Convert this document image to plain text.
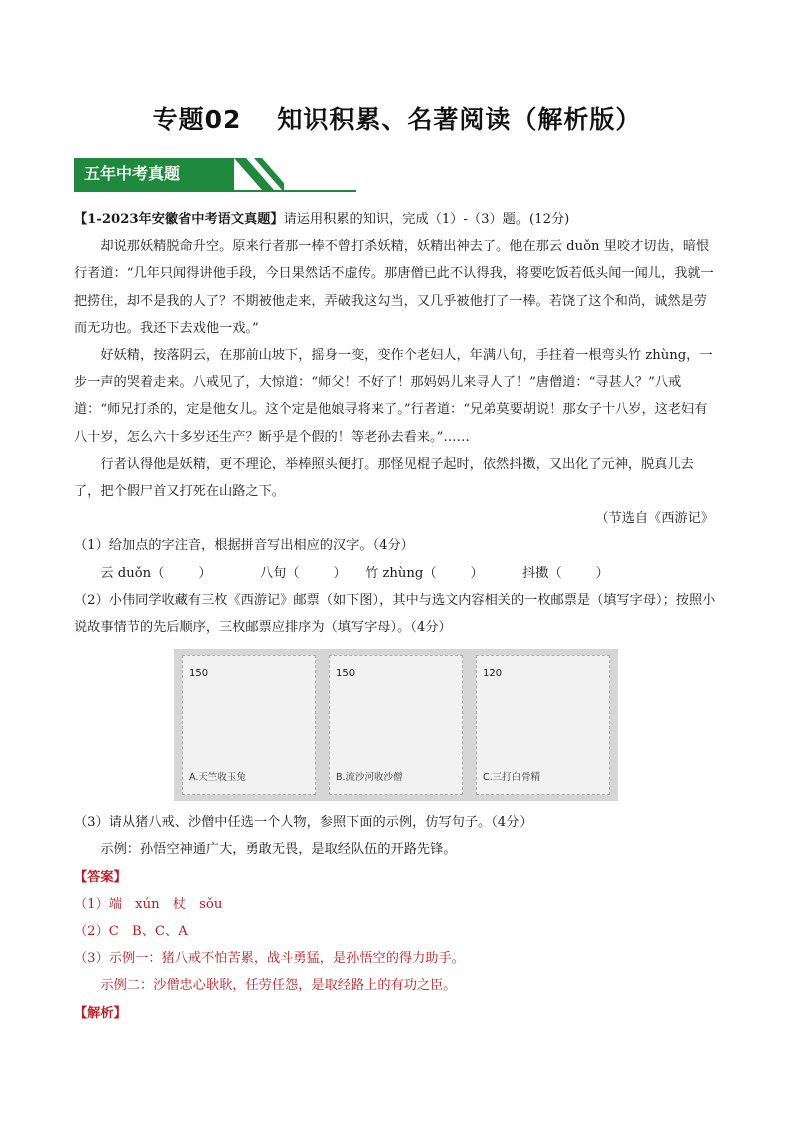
专题02 知识积累、名著阅读（解析版）
五年中考真题

【1-2023年安徽省中考语文真题】请运用积累的知识，完成（1）-（3）题。(12分)

却说那妖精脱命升空。原来行者那一棒不曾打杀妖精，妖精出神去了。他在那云 duǒn 里咬才切齿，暗恨行者道：“几年只闻得讲他手段，今日果然话不虚传。那唐僧已此不认得我，将要吃饭若低头闻一闻儿，我就一把捞住，却不是我的人了？不期被他走来，弄破我这勾当，又几乎被他打了一棒。若饶了这个和尚，诚然是劳而无功也。我还下去戏他一戏。”

好妖精，按落阴云，在那前山坡下，摇身一变，变作个老妇人，年满八旬，手拄着一根弯头竹 zhùng，一步一声的哭着走来。八戒见了，大惊道：“师父！不好了！那妈妈儿来寻人了！”唐僧道：“寻甚人？”八戒道：“师兄打杀的，定是他女儿。这个定是他娘寻将来了。”行者道：“兄弟莫要胡说！那女子十八岁，这老妇有八十岁，怎么六十多岁还生产？断乎是个假的！等老孙去看来。”……

行者认得他是妖精，更不理论，举棒照头便打。那怪见棍子起时，依然抖擞，又出化了元神，脱真儿去了，把个假尸首又打死在山路之下。

（节选自《西游记》

（1）给加点的字注音，根据拼音写出相应的汉字。（4分）

云 duǒn（	）	八旬（	） 竹 zhùng（	）	抖擞（	）

（2）小伟同学收藏有三枚《西游记》邮票（如下图），其中与选文内容相关的一枚邮票是（填写字母）；按照小说故事情节的先后顺序，三枚邮票应排序为（填写字母）。（4分）

150
A.天竺收玉兔
150
B.流沙河收沙僧
120
C.三打白骨精

（3）请从猪八戒、沙僧中任选一个人物，参照下面的示例，仿写句子。（4分）

示例：孙悟空神通广大，勇敢无畏，是取经队伍的开路先锋。

【答案】

（1）端　xún　杖　sǒu

（2）C　B、C、A

（3）示例一：猪八戒不怕苦累，战斗勇猛，是孙悟空的得力助手。

示例二：沙僧忠心耿耿，任劳任怨，是取经路上的有功之臣。

【解析】
